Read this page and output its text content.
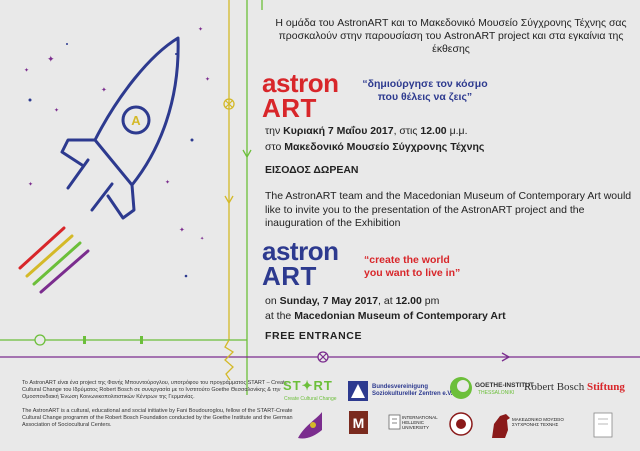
A
✦
✦
✦
✦
✦
✦
✦
✦
✦
✦
M
Η ομάδα του AstronART και το Μακεδονικό Μουσείο Σύγχρονης Τέχνης σας προσκαλούν στην παρουσίαση του AstronART project και στα εγκαίνια της έκθεσης
astron
ART
“δημιούργησε τον κόσμο
που θέλεις να ζεις”
την Κυριακή 7 Μαΐου 2017, στις 12.00 μ.μ.
στο Μακεδονικό Μουσείο Σύγχρονης Τέχνης
ΕΙΣΟΔΟΣ ΔΩΡΕΑΝ
The AstronART team and the Macedonian Museum of Contemporary Art would like to invite you to the presentation of the AstronART project and the inauguration of the Exhibition
astron
ART
“create the world
you want to live in”
on Sunday, 7 May 2017, at 12.00 pm
at the Macedonian Museum of Contemporary Art
FREE ENTRANCE
Το AstronART είναι ένα project της Φανής Μπουντούρογλου, υποτρόφου του προγράμματος START – Create Cultural Change του Ιδρύματος Robert Bosch σε συνεργασία με το Ινστιτούτο Goethe Θεσσαλονίκης & την Ομοσπονδιακή Ένωση Κοινωνικοπολιτιστικών Κέντρων της Γερμανίας.
The AstronART is a cultural, educational and social initiative by Fani Boudouroglou, fellow of the START-Create Cultural Change programm of the Robert Bosch Foundation conducted by the Goethe Institute and the German Association of Sociocultural Centers.
ST✦RT
Create Cultural Change
Bundesvereinigung
Soziokultureller Zentren e.V.
GOETHE-INSTITUT
THESSALONIKI Robert Bosch Stiftung
INTERNATIONAL
HELLENIC
UNIVERSITY
ΜΑΚΕΔΟΝΙΚΟ ΜΟΥΣΕΙΟ
ΣΥΓΧΡΟΝΗΣ ΤΕΧΝΗΣ
